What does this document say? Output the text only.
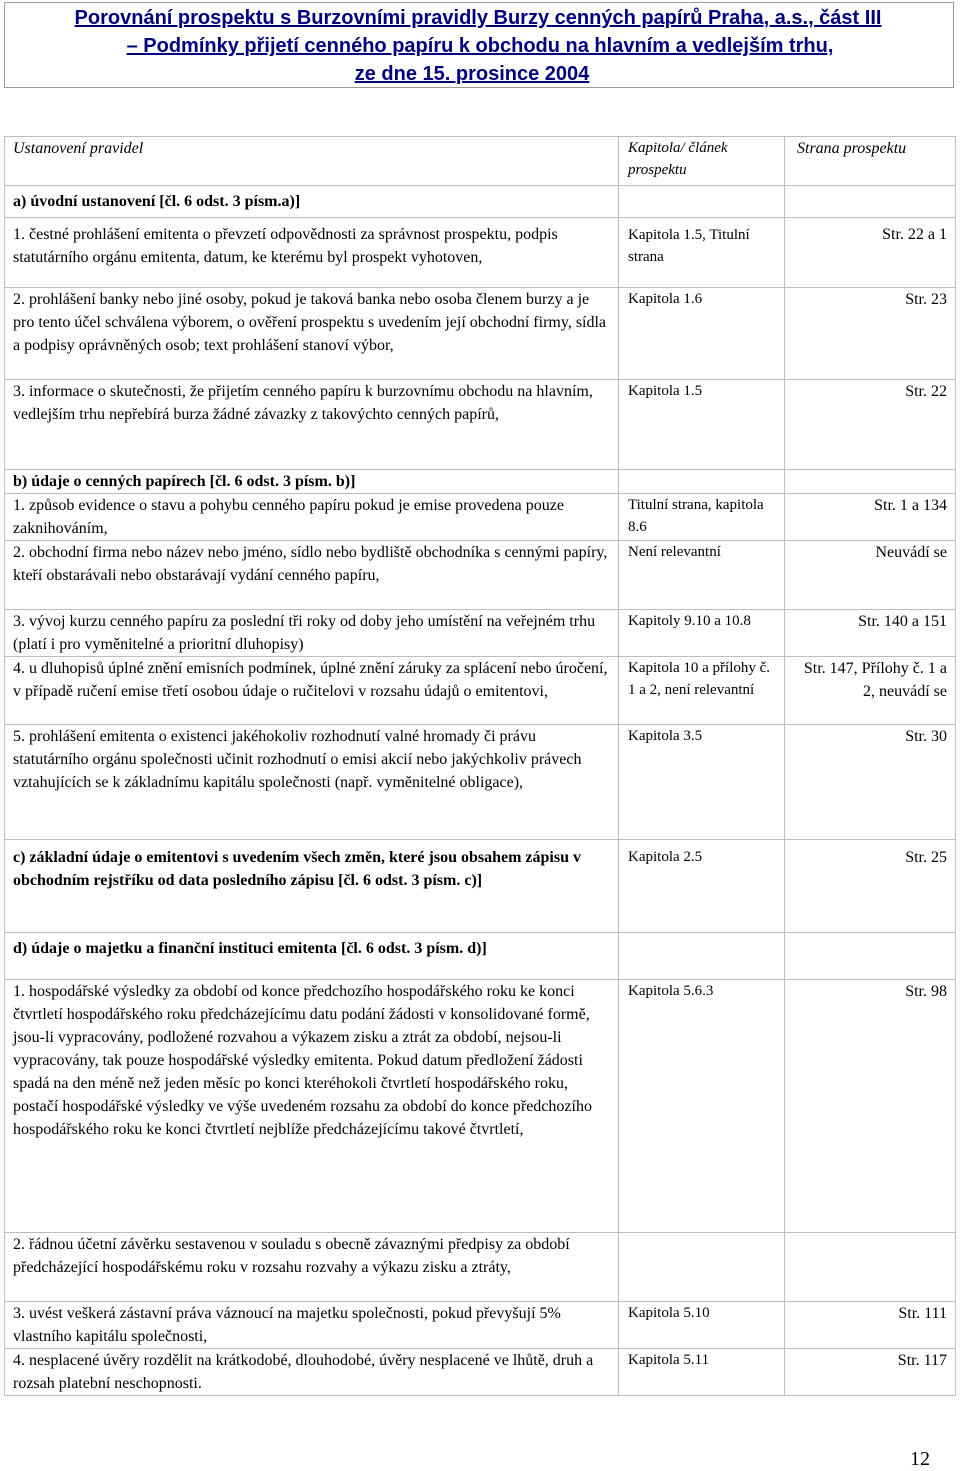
Porovnání prospektu s Burzovními pravidly Burzy cenných papírů Praha, a.s., část III
– Podmínky přijetí cenného papíru k obchodu na hlavním a vedlejším trhu,
ze dne 15. prosince 2004
Ustanovení pravidel	Kapitola/ článek prospektu	Strana prospektu
a) úvodní ustanovení [čl. 6 odst. 3 písm.a)]		
1. čestné prohlášení emitenta o převzetí odpovědnosti za správnost prospektu, podpis statutárního orgánu emitenta, datum, ke kterému byl prospekt vyhotoven,	Kapitola 1.5, Titulní strana	Str. 22 a 1
2. prohlášení banky nebo jiné osoby, pokud je taková banka nebo osoba členem burzy a je pro tento účel schválena výborem, o ověření prospektu s uvedením její obchodní firmy, sídla a podpisy oprávněných osob; text prohlášení stanoví výbor,	Kapitola 1.6	Str. 23
3. informace o skutečnosti, že přijetím cenného papíru k burzovnímu obchodu na hlavním, vedlejším trhu nepřebírá burza žádné závazky z takovýchto cenných papírů,	Kapitola 1.5	Str. 22
b) údaje o cenných papírech [čl. 6 odst. 3 písm. b)]		
1. způsob evidence o stavu a pohybu cenného papíru pokud je emise provedena pouze zaknihováním,	Titulní strana, kapitola 8.6	Str. 1 a 134
2. obchodní firma nebo název nebo jméno, sídlo nebo bydliště obchodníka s cennými papíry, kteří obstarávali nebo obstarávají vydání cenného papíru,	Není relevantní	Neuvádí se
3. vývoj kurzu cenného papíru za poslední tři roky od doby jeho umístění na veřejném trhu (platí i pro vyměnitelné a prioritní dluhopisy)	Kapitoly 9.10 a 10.8	Str. 140 a 151
4. u dluhopisů úplné znění emisních podmínek, úplné znění záruky za splácení nebo úročení, v případě ručení emise třetí osobou údaje o ručitelovi v rozsahu údajů o emitentovi,	Kapitola 10 a přílohy č. 1 a 2, není relevantní	Str. 147, Přílohy č. 1 a 2, neuvádí se
5. prohlášení emitenta o existenci jakéhokoliv rozhodnutí valné hromady či právu statutárního orgánu společnosti učinit rozhodnutí o emisi akcií nebo jakýchkoliv právech vztahujících se k základnímu kapitálu společnosti (např. vyměnitelné obligace),	Kapitola 3.5	Str. 30
c) základní údaje o emitentovi s uvedením všech změn, které jsou obsahem zápisu v obchodním rejstříku od data posledního zápisu [čl. 6 odst. 3 písm. c)]	Kapitola 2.5	Str. 25
d) údaje o majetku a finanční instituci emitenta [čl. 6 odst. 3 písm. d)]		
1. hospodářské výsledky za období od konce předchozího hospodářského roku ke konci čtvrtletí hospodářského roku předcházejícímu datu podání žádosti v konsolidované formě, jsou-li vypracovány, podložené rozvahou a výkazem zisku a ztrát za období, nejsou-li vypracovány, tak pouze hospodářské výsledky emitenta. Pokud datum předložení žádosti spadá na den méně než jeden měsíc po konci kteréhokoli čtvrtletí hospodářského roku, postačí hospodářské výsledky ve výše uvedeném rozsahu za období do konce předchozího hospodářského roku ke konci čtvrtletí nejblíže předcházejícímu takové čtvrtletí,	Kapitola 5.6.3	Str. 98
2. řádnou účetní závěrku sestavenou v souladu s obecně závaznými předpisy za období předcházející hospodářskému roku v rozsahu rozvahy a výkazu zisku a ztráty,		
3. uvést veškerá zástavní práva váznoucí na majetku společnosti, pokud převyšují 5% vlastního kapitálu společnosti,	Kapitola 5.10	Str. 111
4. nesplacené úvěry rozdělit na krátkodobé, dlouhodobé, úvěry nesplacené ve lhůtě, druh a rozsah platební neschopnosti.	Kapitola 5.11	Str. 117
12
